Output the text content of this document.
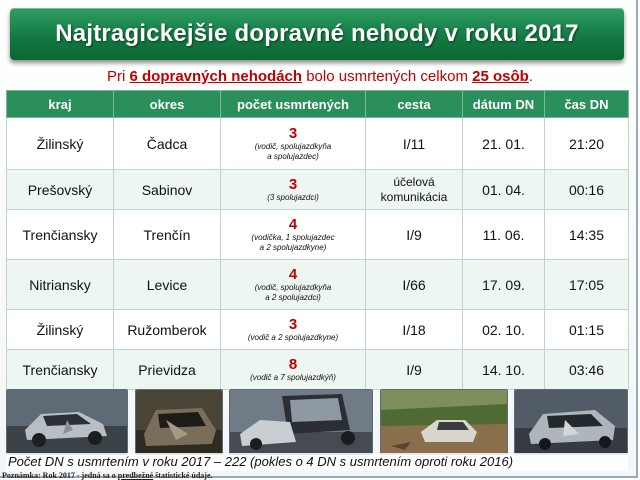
Najtragickejšie dopravné nehody v roku 2017
Pri 6 dopravných nehodách bolo usmrtených celkom 25 osôb.
kraj	okres	počet usmrtených	cesta	dátum DN	čas DN
Žilinský	Čadca	3
(vodič, spolujazdkyňa
a spolujazdec)	I/11	21. 01.	21:20
Prešovský	Sabinov	3
(3 spolujazdci)	účelová
komunikácia	01. 04.	00:16
Trenčiansky	Trenčín	4
(vodička, 1 spolujazdec
a 2 spolujazdkyne)	I/9	11. 06.	14:35
Nitriansky	Levice	4
(vodič, spolujazdkyňa
a 2 spolujazdci)	I/66	17. 09.	17:05
Žilinský	Ružomberok	3
(vodič a 2 spolujazdkyne)	I/18	02. 10.	01:15
Trenčiansky	Prievidza	8
(vodič a 7 spolujazdkýň)	I/9	14. 10.	03:46
Počet DN s usmrtením v roku 2017 – 222 (pokles o 4 DN s usmrtením oproti roku 2016)
Poznámka: Rok 2017 - jedná sa o predbežné štatistické údaje.
